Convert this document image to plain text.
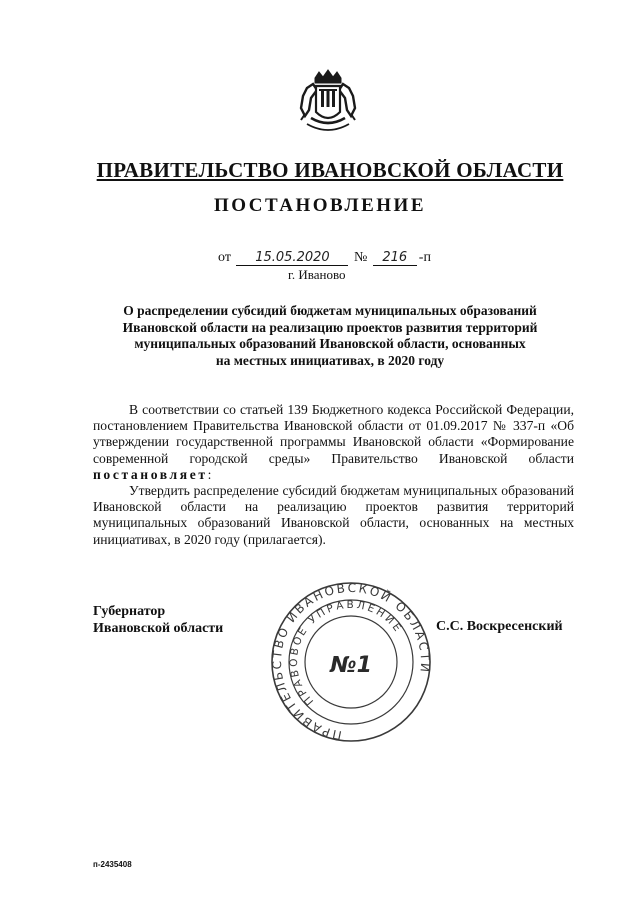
ПРАВИТЕЛЬСТВО ИВАНОВСКОЙ ОБЛАСТИ
ПОСТАНОВЛЕНИЕ
от 15.05.2020 № 216 -п
г. Иваново
О распределении субсидий бюджетам муниципальных образований
Ивановской области на реализацию проектов развития территорий
муниципальных образований Ивановской области, основанных
на местных инициативах, в 2020 году

В соответствии со статьей 139 Бюджетного кодекса Российской Федерации, постановлением Правительства Ивановской области от 01.09.2017 № 337-п «Об утверждении государственной программы Ивановской области «Формирование современной городской среды» Правительство Ивановской области постановляет:

Утвердить распределение субсидий бюджетам муниципальных образований Ивановской области на реализацию проектов развития территорий муниципальных образований Ивановской области, основанных на местных инициативах, в 2020 году (прилагается).

Губернатор
Ивановской области	С.С. Воскресенский
ПРАВИТЕЛЬСТВО ИВАНОВСКОЙ ОБЛАСТИ
ПРАВОВОЕ УПРАВЛЕНИЕ
№1
п-2435408
